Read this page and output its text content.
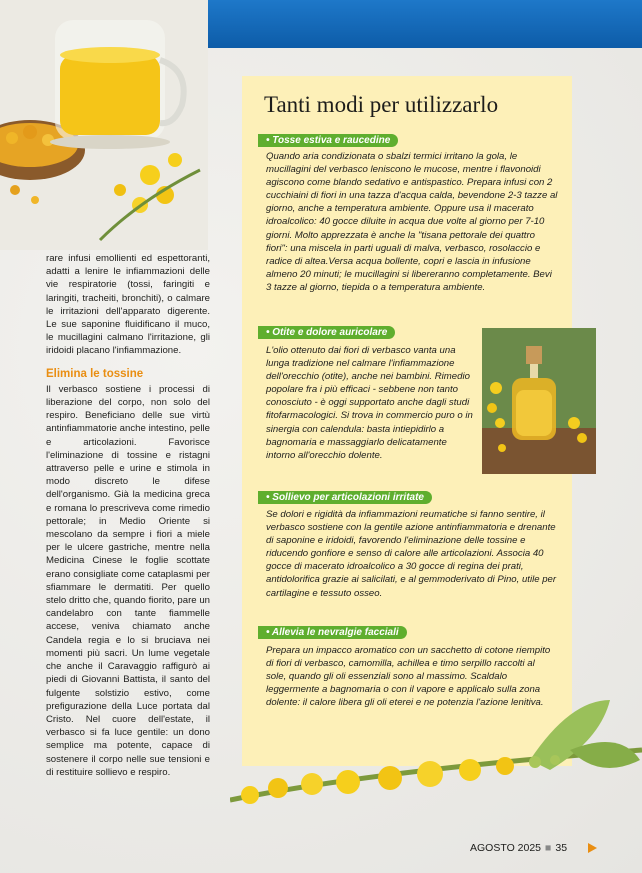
rare infusi emollienti ed espettoranti, adatti a lenire le infiammazioni delle vie respiratorie (tossi, faringiti e laringiti, tracheiti, bronchiti), o calmare le irritazioni dell'apparato digerente. Le sue saponine fluidificano il muco, le mucillagini calmano l'irritazione, gli iridoidi placano l'infiammazione.

Elimina le tossine

Il verbasco sostiene i processi di liberazione del corpo, non solo del respiro. Beneficiano delle sue virtù antinfiammatorie anche intestino, pelle e articolazioni. Favorisce l'eliminazione di tossine e ristagni attraverso pelle e urine e stimola in modo discreto le difese dell'organismo. Già la medicina greca e romana lo prescriveva come rimedio pettorale; in Medio Oriente si mescolano da sempre i fiori a miele per le ulcere gastriche, mentre nella Medicina Cinese le foglie scottate erano consigliate come cataplasmi per sfiammare le dermatiti. Per quello stelo dritto che, quando fiorito, pare un candelabro con tante fiammelle accese, veniva chiamato anche Candela regia e lo si bruciava nei momenti più sacri. Un lume vegetale che anche il Caravaggio raffigurò ai piedi di Giovanni Battista, il santo del fulgente solstizio estivo, come prefigurazione della Luce portata dal Cristo. Nel cuore dell'estate, il verbasco si fa luce gentile: un dono semplice ma potente, capace di sostenere il corpo nelle sue tensioni e di restituire sollievo e respiro.

Tanti modi per utilizzarlo
• Tosse estiva e raucedine

Quando aria condizionata o sbalzi termici irritano la gola, le mucillagini del verbasco leniscono le mucose, mentre i flavonoidi agiscono come blando sedativo e antispastico. Prepara infusi con 2 cucchiaini di fiori in una tazza d'acqua calda, bevendone 2-3 tazze al giorno, anche a temperatura ambiente. Oppure usa il macerato idroalcolico: 40 gocce diluite in acqua due volte al giorno per 7-10 giorni. Molto apprezzata è anche la "tisana pettorale dei quattro fiori": una miscela in parti uguali di malva, verbasco, rosolaccio e radice di altea.Versa acqua bollente, copri e lascia in infusione almeno 20 minuti; le mucillagini si libereranno completamente. Bevi 3 tazze al giorno, tiepida o a temperatura ambiente.

• Otite e dolore auricolare

L'olio ottenuto dai fiori di verbasco vanta una lunga tradizione nel calmare l'infiammazione dell'orecchio (otite), anche nei bambini. Rimedio popolare fra i più efficaci - sebbene non tanto conosciuto - è oggi supportato anche dagli studi fitofarmacologici. Si trova in commercio puro o in sinergia con calendula: basta intiepidirlo a bagnomaria e massaggiarlo delicatamente intorno all'orecchio dolente.

• Sollievo per articolazioni irritate

Se dolori e rigidità da infiammazioni reumatiche si fanno sentire, il verbasco sostiene con la gentile azione antinfiammatoria e drenante di saponine e iridoidi, favorendo l'eliminazione delle tossine e riducendo gonfiore e senso di calore alle articolazioni. Associa 40 gocce di macerato idroalcolico a 30 gocce di regina dei prati, antidolorifica grazie ai salicilati, e al gemmoderivato di Pino, utile per cartilagine e tessuto osseo.

• Allevia le nevralgie facciali

Prepara un impacco aromatico con un sacchetto di cotone riempito di fiori di verbasco, camomilla, achillea e timo serpillo raccolti al sole, quando gli oli essenziali sono al massimo. Scaldalo leggermente a bagnomaria o con il vapore e applicalo sulla zona dolente: il calore libera gli oli eterei e ne potenzia l'azione lenitiva.

AGOSTO 2025 ■ 35
